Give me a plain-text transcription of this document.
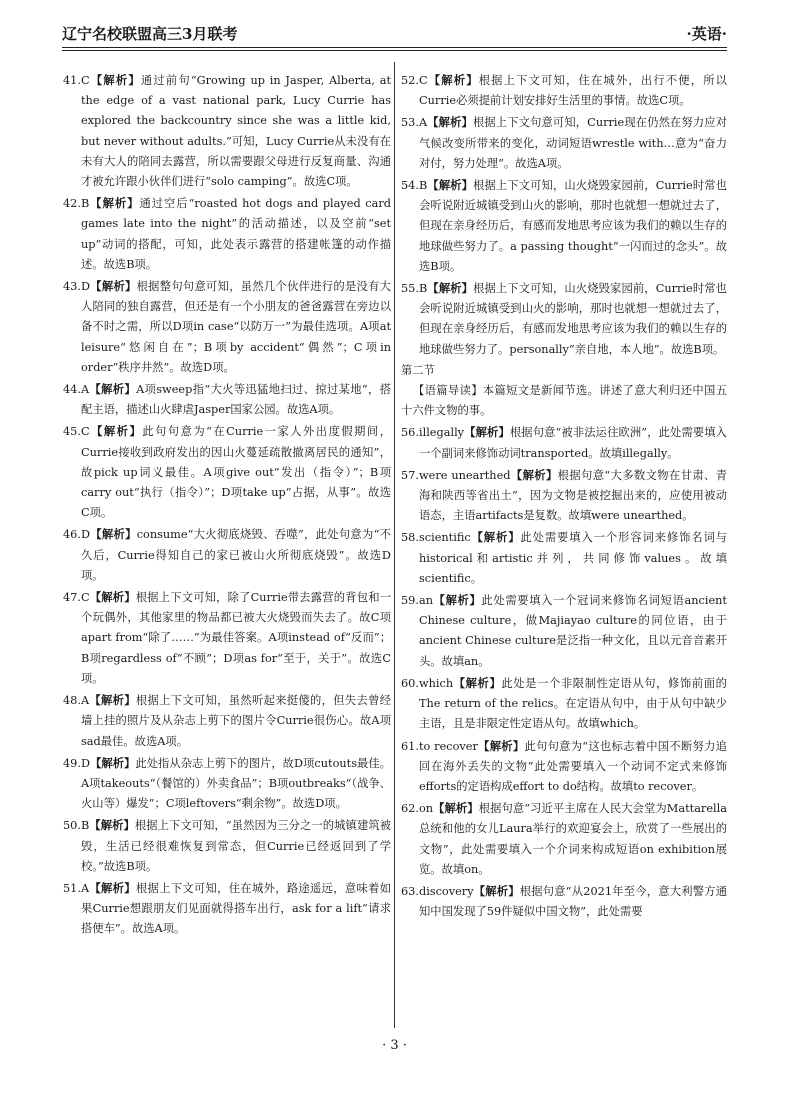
辽宁名校联盟高三3月联考	·英语·

41.C【解析】通过前句“Growing up in Jasper, Alberta, at the edge of a vast national park, Lucy Currie has explored the backcountry since she was a little kid, but never without adults.”可知，Lucy Currie从未没有在未有大人的陪同去露营，所以需要跟父母进行反复商量、沟通才被允许跟小伙伴们进行“solo camping”。故选C项。

42.B【解析】通过空后“roasted hot dogs and played card games late into the night”的活动描述，以及空前“set up”动词的搭配，可知，此处表示露营的搭建帐篷的动作描述。故选B项。

43.D【解析】根据整句句意可知，虽然几个伙伴进行的是没有大人陪同的独自露营，但还是有一个小朋友的爸爸露营在旁边以备不时之需，所以D项in case“以防万一”为最佳选项。A项at leisure“悠闲自在”；B项by accident“偶然”；C项in order“秩序井然”。故选D项。

44.A【解析】A项sweep指“大火等迅猛地扫过、掠过某地”，搭配主语，描述山火肆虐Jasper国家公园。故选A项。

45.C【解析】此句句意为“在Currie一家人外出度假期间，Currie接收到政府发出的因山火蔓延疏散撤离居民的通知”，故pick up词义最佳。A项give out“发出（指令）”；B项carry out“执行（指令）”；D项take up“占据，从事”。故选C项。

46.D【解析】consume“大火彻底烧毁、吞噬”，此处句意为“不久后，Currie得知自己的家已被山火所彻底烧毁”。故选D项。

47.C【解析】根据上下文可知，除了Currie带去露营的背包和一个玩偶外，其他家里的物品都已被大火烧毁而失去了。故C项apart from“除了……”为最佳答案。A项instead of“反而”；B项regardless of“不顾”；D项as for“至于，关于”。故选C项。

48.A【解析】根据上下文可知，虽然听起来挺傻的，但失去曾经墙上挂的照片及从杂志上剪下的图片令Currie很伤心。故A项sad最佳。故选A项。

49.D【解析】此处指从杂志上剪下的图片，故D项cutouts最佳。A项takeouts“（餐馆的）外卖食品”；B项outbreaks“（战争、火山等）爆发”；C项leftovers“剩余物”。故选D项。

50.B【解析】根据上下文可知，“虽然因为三分之一的城镇建筑被毁，生活已经很难恢复到常态，但Currie已经返回到了学校。”故选B项。

51.A【解析】根据上下文可知，住在城外，路途遥远，意味着如果Currie想跟朋友们见面就得搭车出行，ask for a lift“请求搭便车”。故选A项。

52.C【解析】根据上下文可知，住在城外，出行不便，所以Currie必须提前计划安排好生活里的事情。故选C项。

53.A【解析】根据上下文句意可知，Currie现在仍然在努力应对气候改变所带来的变化，动词短语wrestle with…意为“奋力对付，努力处理”。故选A项。

54.B【解析】根据上下文可知，山火烧毁家园前，Currie时常也会听说附近城镇受到山火的影响，那时也就想一想就过去了，但现在亲身经历后，有感而发地思考应该为我们的赖以生存的地球做些努力了。a passing thought“一闪而过的念头”。故选B项。

55.B【解析】根据上下文可知，山火烧毁家园前，Currie时常也会听说附近城镇受到山火的影响，那时也就想一想就过去了，但现在亲身经历后，有感而发地思考应该为我们的赖以生存的地球做些努力了。personally“亲自地，本人地”。故选B项。

第二节

【语篇导读】本篇短文是新闻节选。讲述了意大利归还中国五十六件文物的事。

56.illegally【解析】根据句意“被非法运往欧洲”，此处需要填入一个副词来修饰动词transported。故填illegally。

57.were unearthed【解析】根据句意“大多数文物在甘肃、青海和陕西等省出土”，因为文物是被挖掘出来的，应使用被动语态，主语artifacts是复数。故填were unearthed。

58.scientific【解析】此处需要填入一个形容词来修饰名词与historical和artistic并列，共同修饰values。故填scientific。

59.an【解析】此处需要填入一个冠词来修饰名词短语ancient Chinese culture，做Majiayao culture的同位语，由于ancient Chinese culture是泛指一种文化，且以元音音素开头。故填an。

60.which【解析】此处是一个非限制性定语从句，修饰前面的The return of the relics。在定语从句中，由于从句中缺少主语，且是非限定性定语从句。故填which。

61.to recover【解析】此句句意为“这也标志着中国不断努力追回在海外丢失的文物”此处需要填入一个动词不定式来修饰efforts的定语构成effort to do结构。故填to recover。

62.on【解析】根据句意“习近平主席在人民大会堂为Mattarella总统和他的女儿Laura举行的欢迎宴会上，欣赏了一些展出的文物”，此处需要填入一个介词来构成短语on exhibition展览。故填on。

63.discovery【解析】根据句意“从2021年至今，意大利警方通知中国发现了59件疑似中国文物”，此处需要

· 3 ·
